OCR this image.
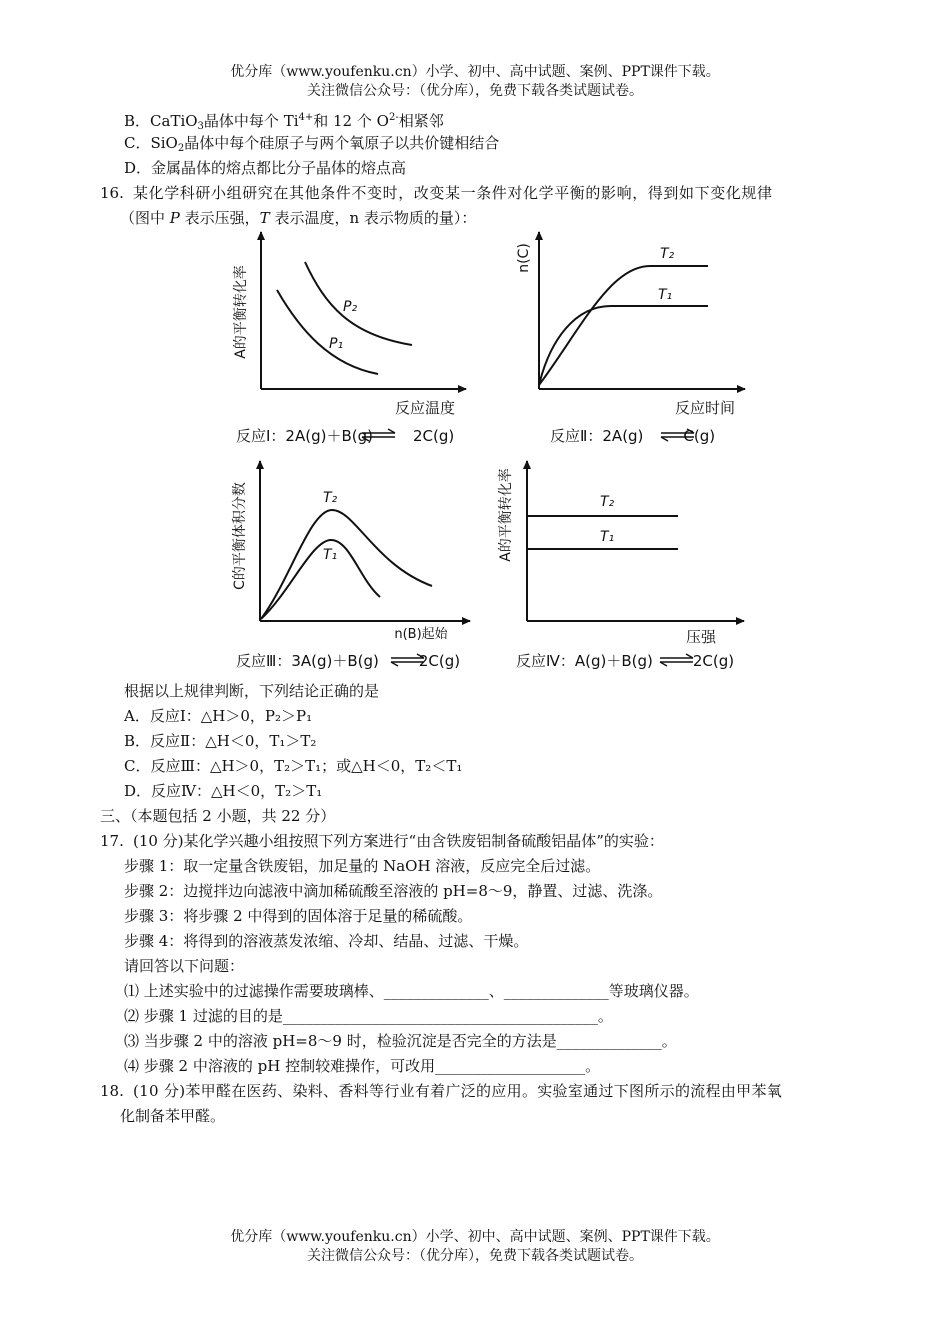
优分库（www.youfenku.cn）小学、初中、高中试题、案例、PPT课件下载。
关注微信公众号：（优分库），免费下载各类试题试卷。
B．CaTiO$_3$晶体中每个 $Ti^{4+}$和 12 个 $O^{2-}$相紧邻
C．SiO$_2$晶体中每个硅原子与两个氧原子以共价键相结合
D．金属晶体的熔点都比分子晶体的熔点高
16. 某化学科研小组研究在其他条件不变时，改变某一条件对化学平衡的影响，得到如下变化规律
（图中 P 表示压强，T 表示温度，n 表示物质的量）：
A的平衡转化率
反应温度
P₂
P₁
反应Ⅰ：2A(g)＋B(g)	2C(g)
n(C)
反应时间
T₂
T₁
反应Ⅱ：2A(g)	C(g)
C的平衡体积分数
n(B)起始
T₂
T₁
反应Ⅲ：3A(g)＋B(g)	2C(g)
A的平衡转化率
压强
T₂
T₁
反应Ⅳ：A(g)＋B(g)	2C(g)
根据以上规律判断，下列结论正确的是
A．反应Ⅰ：△H＞0，P₂＞P₁
B．反应Ⅱ：△H＜0，T₁＞T₂
C．反应Ⅲ：△H＞0，T₂＞T₁；或△H＜0，T₂＜T₁
D．反应Ⅳ：△H＜0，T₂＞T₁
三、（本题包括 2 小题，共 22 分）
17. (10 分)某化学兴趣小组按照下列方案进行“由含铁废铝制备硫酸铝晶体”的实验：
步骤 1：取一定量含铁废铝，加足量的 NaOH 溶液，反应完全后过滤。
步骤 2：边搅拌边向滤液中滴加稀硫酸至溶液的 pH=8～9，静置、过滤、洗涤。
步骤 3：将步骤 2 中得到的固体溶于足量的稀硫酸。
步骤 4：将得到的溶液蒸发浓缩、冷却、结晶、过滤、干燥。
请回答以下问题：
⑴ 上述实验中的过滤操作需要玻璃棒、______________、______________等玻璃仪器。
⑵ 步骤 1 过滤的目的是__________________________________________。
⑶ 当步骤 2 中的溶液 pH=8～9 时，检验沉淀是否完全的方法是______________。
⑷ 步骤 2 中溶液的 pH 控制较难操作，可改用____________________。
18. (10 分)苯甲醛在医药、染料、香料等行业有着广泛的应用。实验室通过下图所示的流程由甲苯氧
化制备苯甲醛。
优分库（www.youfenku.cn）小学、初中、高中试题、案例、PPT课件下载。
关注微信公众号：（优分库），免费下载各类试题试卷。
